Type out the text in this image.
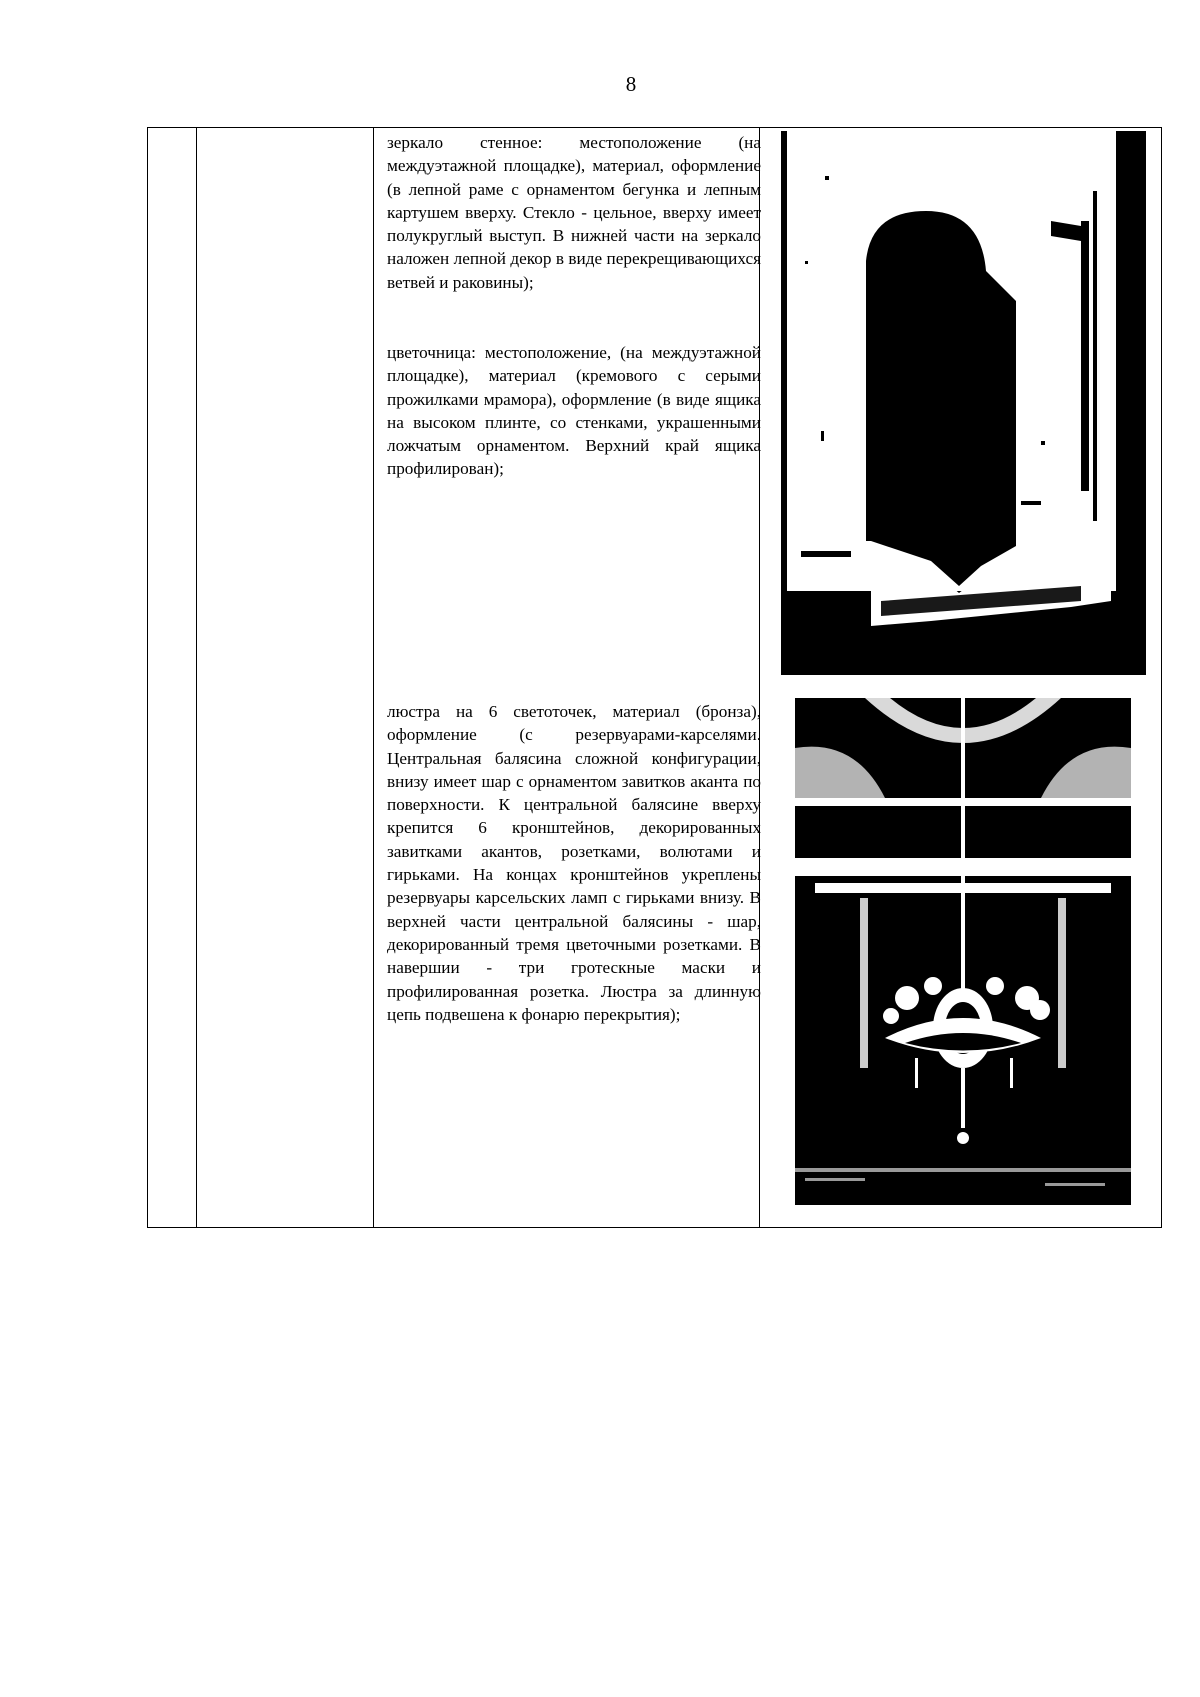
8
зеркало стенное: местоположение (на междуэтажной площадке), материал, оформление (в лепной раме с орнаментом бегунка и лепным картушем вверху. Стекло - цельное, вверху имеет полукруглый выступ. В нижней части на зеркало наложен лепной декор в виде перекрещивающихся ветвей и раковины);
цветочница: местоположение, (на междуэтажной площадке), материал (кремового с серыми прожилками мрамора), оформление (в виде ящика на высоком плинте, со стенками, украшенными ложчатым орнаментом. Верхний край ящика профилирован);
люстра на 6 светоточек, материал (бронза), оформление (с резервуарами-карселями. Центральная балясина сложной конфигурации, внизу имеет шар с орнаментом завитков аканта по поверхности. К центральной балясине вверху крепится 6 кронштейнов, декорированных завитками акантов, розетками, волютами и гирьками. На концах кронштейнов укреплены резервуары карсельских ламп с гирьками внизу. В верхней части центральной балясины - шар, декорированный тремя цветочными розетками. В навершии - три гротескные маски и профилированная розетка. Люстра за длинную цепь подвешена к фонарю перекрытия);
